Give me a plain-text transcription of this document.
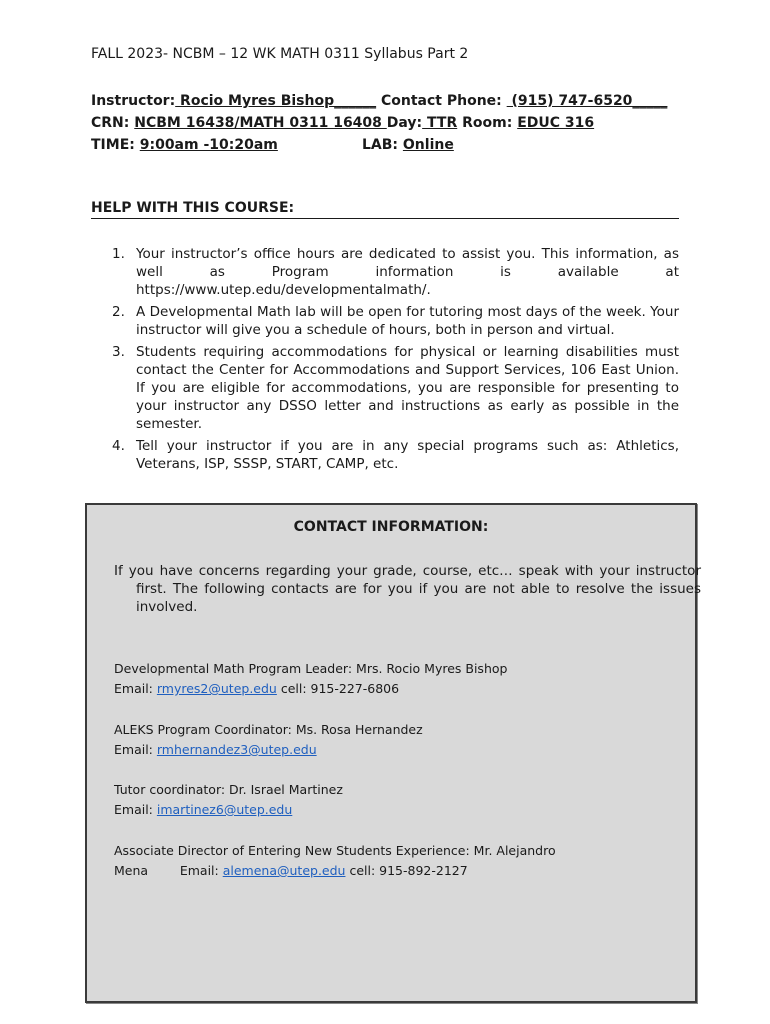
FALL 2023- NCBM – 12 WK MATH 0311 Syllabus Part 2
Instructor: Rocio Myres Bishop______ Contact Phone:  (915) 747-6520_____
CRN: NCBM 16438/MATH 0311 16408 Day: TTR Room: EDUC 316
TIME: 9:00am -10:20am	LAB: Online
HELP WITH THIS COURSE:
1. Your instructor’s office hours are dedicated to assist you. This information, as well as Program information is available at https://www.utep.edu/developmentalmath/.
2. A Developmental Math lab will be open for tutoring most days of the week. Your instructor will give you a schedule of hours, both in person and virtual.
3. Students requiring accommodations for physical or learning disabilities must contact the Center for Accommodations and Support Services, 106 East Union. If you are eligible for accommodations, you are responsible for presenting to your instructor any DSSO letter and instructions as early as possible in the semester.
4. Tell your instructor if you are in any special programs such as: Athletics, Veterans, ISP, SSSP, START, CAMP, etc.
CONTACT INFORMATION:
If you have concerns regarding your grade, course, etc… speak with your instructor first. The following contacts are for you if you are not able to resolve the issues involved.
Developmental Math Program Leader: Mrs. Rocio Myres Bishop
Email: rmyres2@utep.edu cell: 915-227-6806
ALEKS Program Coordinator: Ms. Rosa Hernandez
Email: rmhernandez3@utep.edu
Tutor coordinator: Dr. Israel Martinez
Email: imartinez6@utep.edu
Associate Director of Entering New Students Experience: Mr. Alejandro
Mena        Email: alemena@utep.edu cell: 915-892-2127
